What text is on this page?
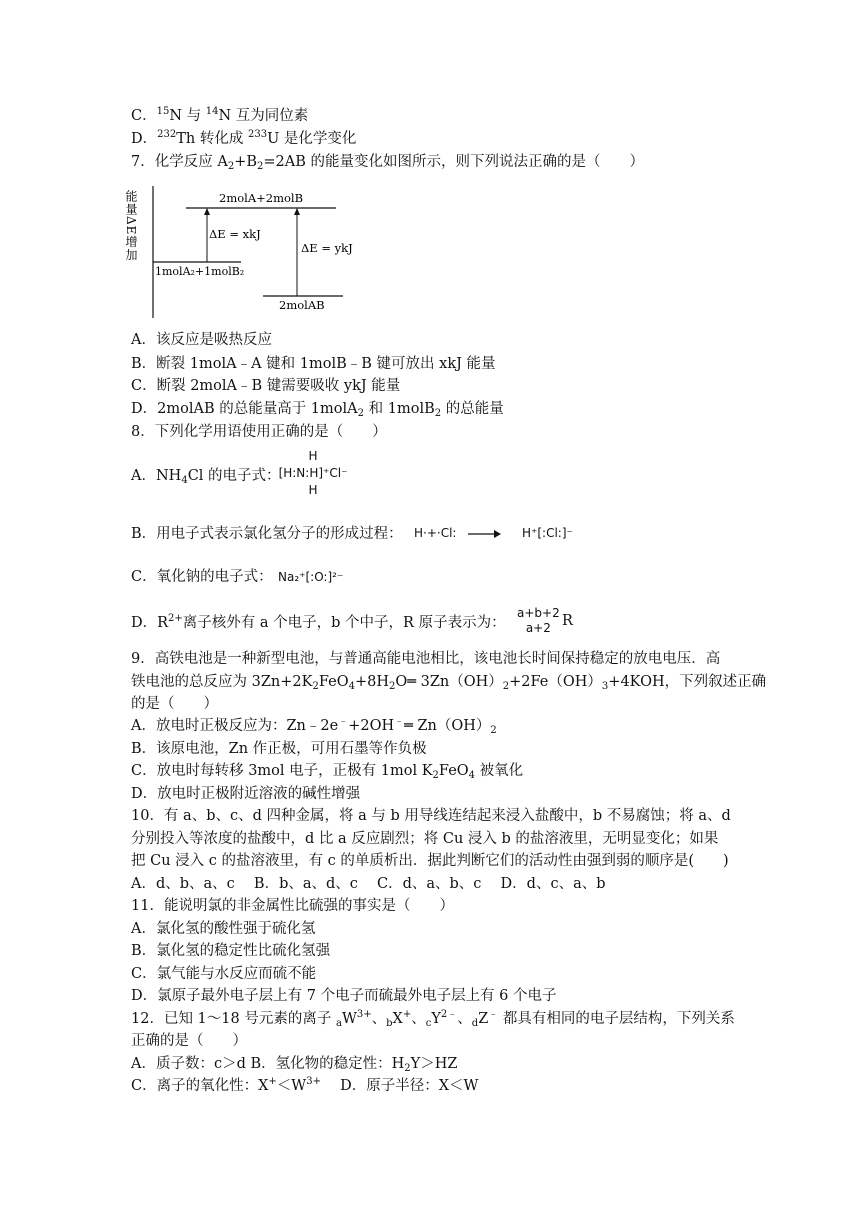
C．$^{15}$N 与 $^{14}$N 互为同位素
D．$^{232}$Th 转化成 $^{233}$U 是化学变化
7．化学反应 $A_2+B_2=2AB$ 的能量变化如图所示，则下列说法正确的是（　　）
能量ΔE增加	2molA+2molB
1molA₂+1molB₂
2molAB
ΔE = xkJ
ΔE = ykJ
A．该反应是吸热反应
B．断裂 1molA﹣A 键和 1molB﹣B 键可放出 xkJ 能量
C．断裂 2molA﹣B 键需要吸收 ykJ 能量
D．2molAB 的总能量高于 1molA$_2$ 和 1molB$_2$ 的总能量
8．下列化学用语使用正确的是（　　）
A．$NH_4Cl$ 的电子式：
H
[H:N:H]⁺Cl⁻
H
B．用电子式表示氯化氢分子的形成过程： H·+·Cl: → H⁺[:Cl:]⁻
C．氧化钠的电子式： Na₂⁺[:O:]²⁻
D．$R^{2+}$离子核外有 a 个电子，b 个中子，R 原子表示为：
a+b+2
a+2 R
9．高铁电池是一种新型电池，与普通高能电池相比，该电池长时间保持稳定的放电电压．高
铁电池的总反应为 $3Zn+2K_2FeO_4+8H_2O═$ $3Zn(OH)_2+2Fe(OH)_3+4KOH$，下列叙述正确
的是（　　）
A．放电时正极反应为：Zn﹣2e﹣+2OH﹣═ $Zn(OH)_2$
B．该原电池，Zn 作正极，可用石墨等作负极
C．放电时每转移 3mol 电子，正极有 1mol $K_2FeO_4$ 被氧化
D．放电时正极附近溶液的碱性增强
10．有 a、b、c、d 四种金属，将 a 与 b 用导线连结起来浸入盐酸中，b 不易腐蚀；将 a、d
分别投入等浓度的盐酸中，d 比 a 反应剧烈；将 Cu 浸入 b 的盐溶液里，无明显变化；如果
把 Cu 浸入 c 的盐溶液里，有 c 的单质析出．据此判断它们的活动性由强到弱的顺序是(　　)
A．d、b、a、c　 B．b、a、d、c　 C．d、a、b、c　 D．d、c、a、b
11．能说明氯的非金属性比硫强的事实是（　　）
A．氯化氢的酸性强于硫化氢
B．氯化氢的稳定性比硫化氢强
C．氯气能与水反应而硫不能
D．氯原子最外电子层上有 7 个电子而硫最外电子层上有 6 个电子
12．已知 1～18 号元素的离子 $_aW^{3+}$、$_b$X+、$_cY^{2﹣}$、$_d$Z﹣ 都具有相同的电子层结构，下列关系
正确的是（　　）
A．质子数：c＞d B．氢化物的稳定性：$H_2Y>HZ$
C．离子的氧化性：$X^+<W^{3+}$　 D．原子半径：X＜W
